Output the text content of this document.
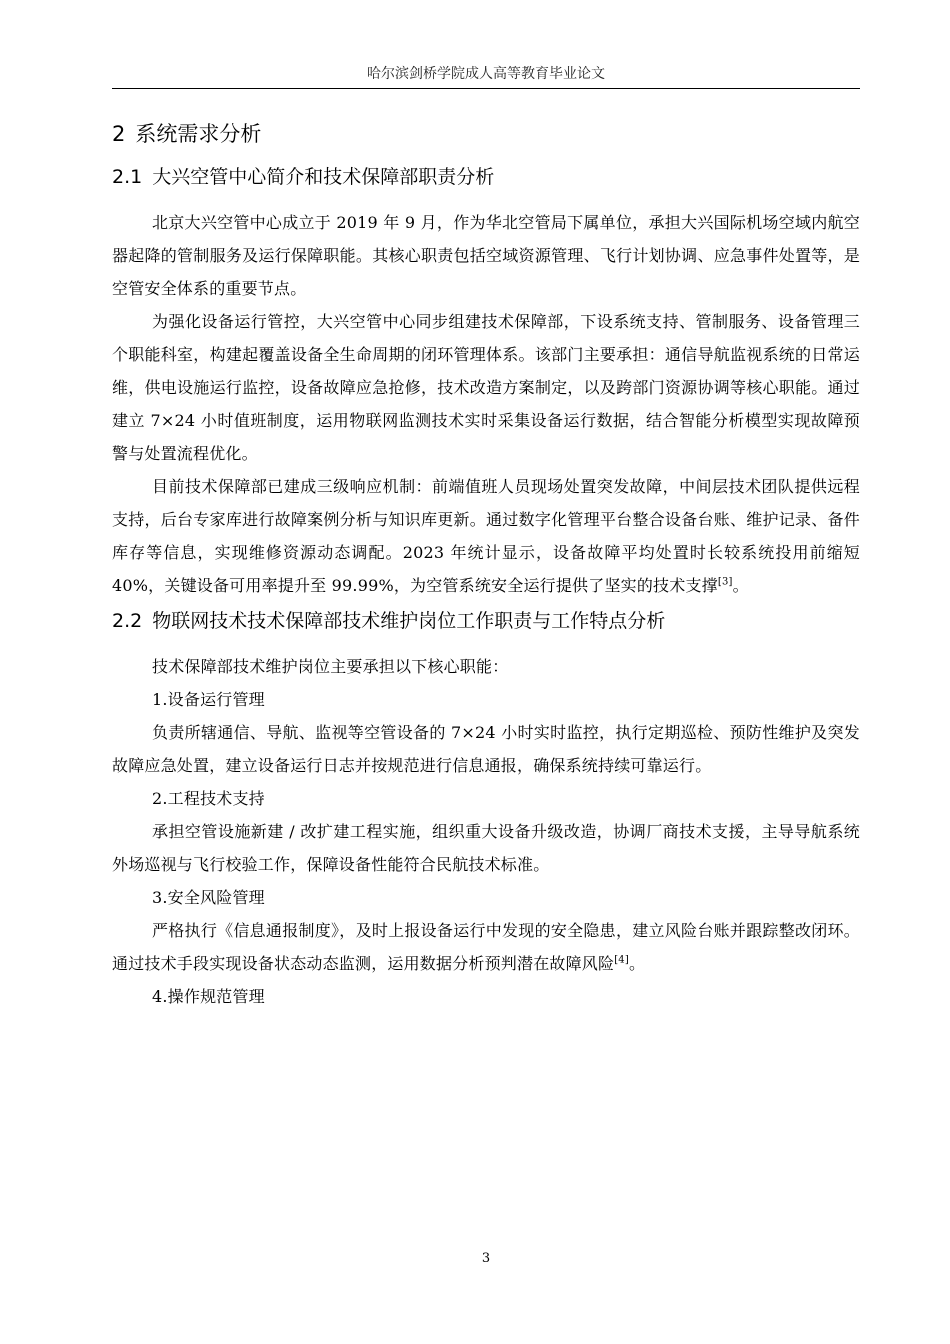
哈尔滨剑桥学院成人高等教育毕业论文
2 系统需求分析
2.1 大兴空管中心简介和技术保障部职责分析

北京大兴空管中心成立于 2019 年 9 月，作为华北空管局下属单位，承担大兴国际机场空域内航空器起降的管制服务及运行保障职能。其核心职责包括空域资源管理、飞行计划协调、应急事件处置等，是空管安全体系的重要节点。

为强化设备运行管控，大兴空管中心同步组建技术保障部，下设系统支持、管制服务、设备管理三个职能科室，构建起覆盖设备全生命周期的闭环管理体系。该部门主要承担：通信导航监视系统的日常运维，供电设施运行监控，设备故障应急抢修，技术改造方案制定，以及跨部门资源协调等核心职能。通过建立 7×24 小时值班制度，运用物联网监测技术实时采集设备运行数据，结合智能分析模型实现故障预警与处置流程优化。

目前技术保障部已建成三级响应机制：前端值班人员现场处置突发故障，中间层技术团队提供远程支持，后台专家库进行故障案例分析与知识库更新。通过数字化管理平台整合设备台账、维护记录、备件库存等信息，实现维修资源动态调配。2023 年统计显示，设备故障平均处置时长较系统投用前缩短 40%，关键设备可用率提升至 99.99%，为空管系统安全运行提供了坚实的技术支撑[3]。

2.2 物联网技术技术保障部技术维护岗位工作职责与工作特点分析

技术保障部技术维护岗位主要承担以下核心职能：

1.设备运行管理

负责所辖通信、导航、监视等空管设备的 7×24 小时实时监控，执行定期巡检、预防性维护及突发故障应急处置，建立设备运行日志并按规范进行信息通报，确保系统持续可靠运行。

2.工程技术支持

承担空管设施新建 / 改扩建工程实施，组织重大设备升级改造，协调厂商技术支援，主导导航系统外场巡视与飞行校验工作，保障设备性能符合民航技术标准。

3.安全风险管理

严格执行《信息通报制度》，及时上报设备运行中发现的安全隐患，建立风险台账并跟踪整改闭环。通过技术手段实现设备状态动态监测，运用数据分析预判潜在故障风险[4]。

4.操作规范管理

3
